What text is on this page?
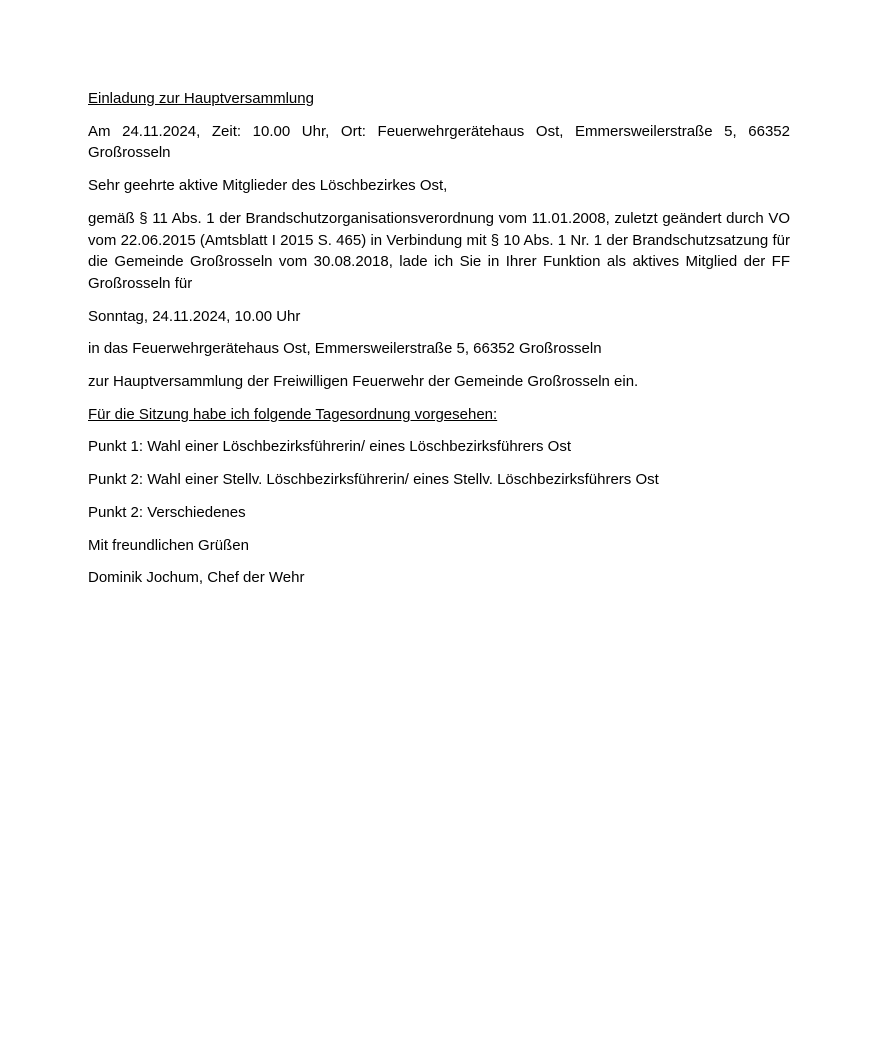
Einladung zur Hauptversammlung

Am 24.11.2024, Zeit: 10.00 Uhr, Ort: Feuerwehrgerätehaus Ost, Emmersweilerstraße 5, 66352 Großrosseln

Sehr geehrte aktive Mitglieder des Löschbezirkes Ost,

gemäß § 11 Abs. 1 der Brandschutzorganisationsverordnung vom 11.01.2008, zuletzt geändert durch VO vom 22.06.2015 (Amtsblatt I 2015 S. 465) in Verbindung mit § 10 Abs. 1 Nr. 1 der Brandschutzsatzung für die Gemeinde Großrosseln vom 30.08.2018, lade ich Sie in Ihrer Funktion als aktives Mitglied der FF Großrosseln für

Sonntag, 24.11.2024, 10.00 Uhr

in das Feuerwehrgerätehaus Ost, Emmersweilerstraße 5, 66352 Großrosseln

zur Hauptversammlung der Freiwilligen Feuerwehr der Gemeinde Großrosseln ein.

Für die Sitzung habe ich folgende Tagesordnung vorgesehen:

Punkt 1: Wahl einer Löschbezirksführerin/ eines Löschbezirksführers Ost

Punkt 2: Wahl einer Stellv. Löschbezirksführerin/ eines Stellv. Löschbezirksführers Ost

Punkt 2: Verschiedenes

Mit freundlichen Grüßen

Dominik Jochum, Chef der Wehr
